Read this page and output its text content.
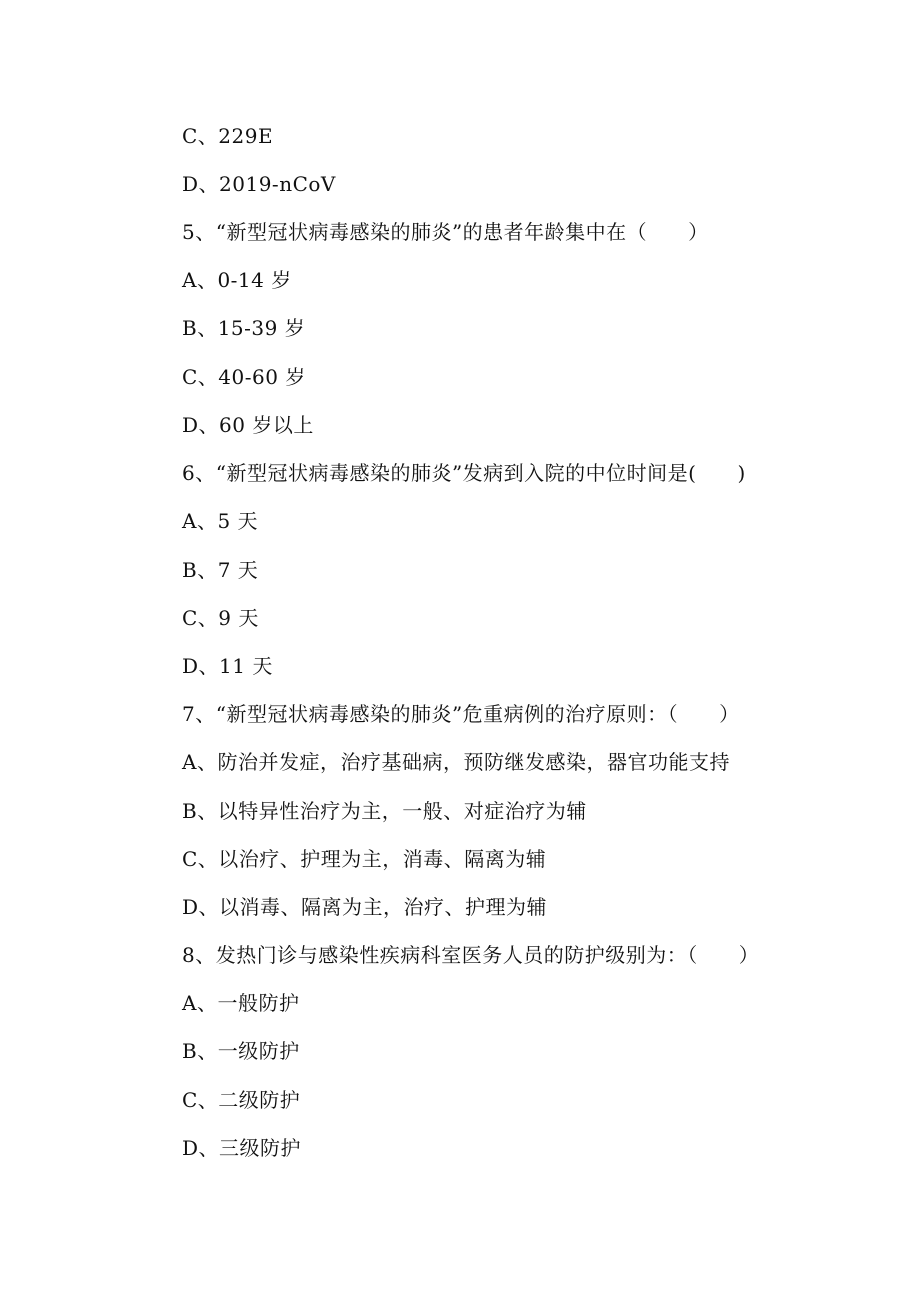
C、229E
D、2019-nCoV
5、“新型冠状病毒感染的肺炎”的患者年龄集中在（　　）
A、0-14 岁
B、15-39 岁
C、40-60 岁
D、60 岁以上
6、“新型冠状病毒感染的肺炎”发病到入院的中位时间是(　　)
A、5 天
B、7 天
C、9 天
D、11 天
7、“新型冠状病毒感染的肺炎”危重病例的治疗原则：（　　）
A、防治并发症，治疗基础病，预防继发感染，器官功能支持
B、以特异性治疗为主，一般、对症治疗为辅
C、以治疗、护理为主，消毒、隔离为辅
D、以消毒、隔离为主，治疗、护理为辅
8、发热门诊与感染性疾病科室医务人员的防护级别为：（　　）
A、一般防护
B、一级防护
C、二级防护
D、三级防护
